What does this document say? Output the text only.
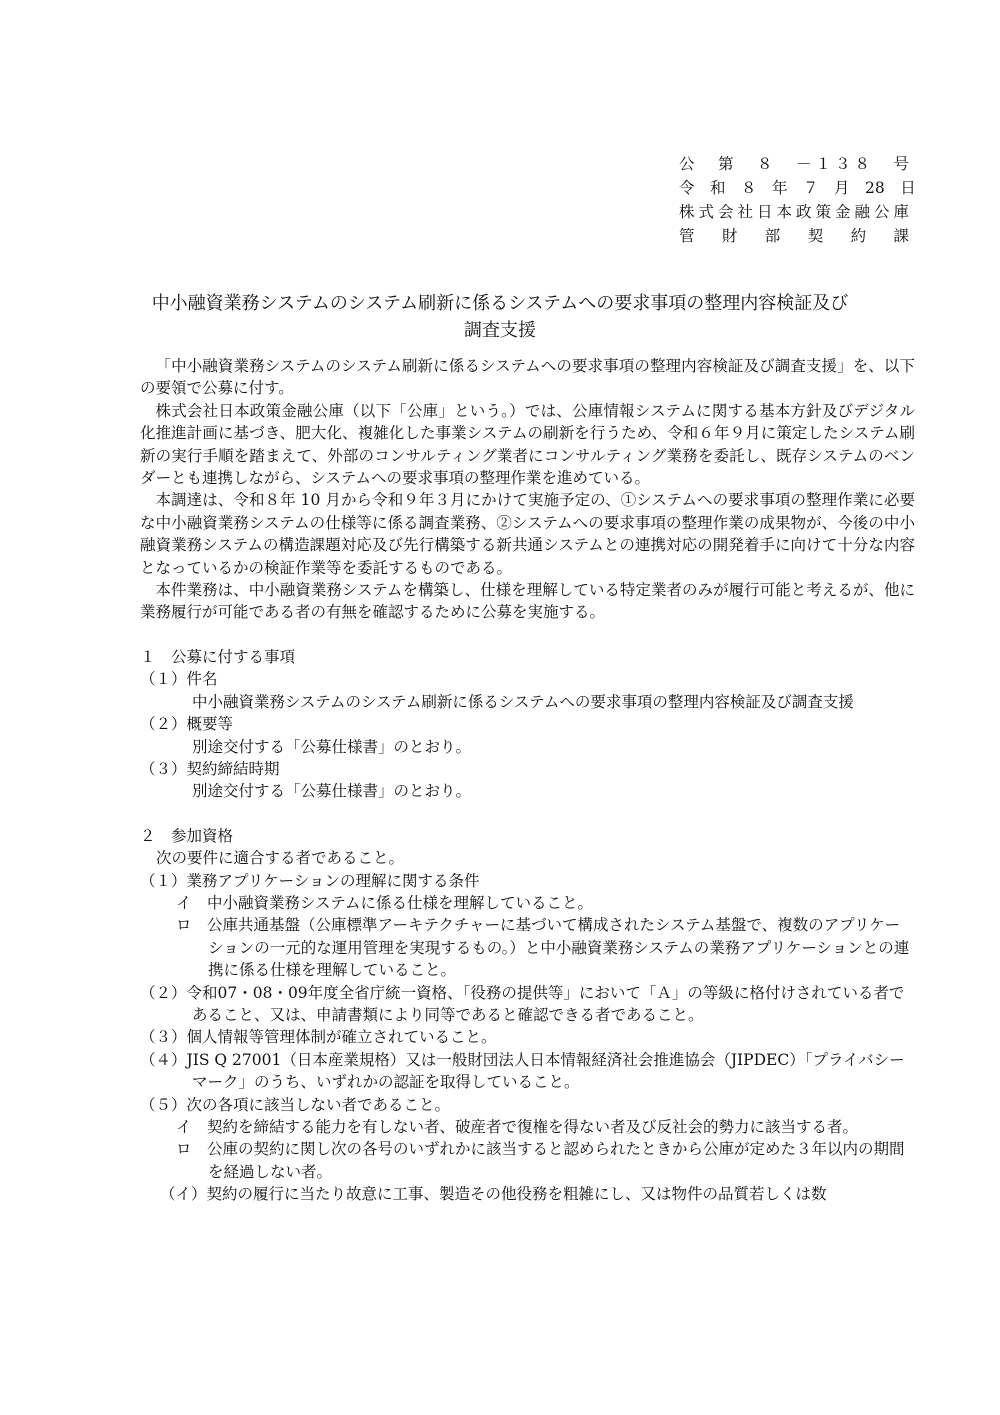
公　第　８　－１３８　号
令　和　８　年　７　月　28　日
株式会社日本政策金融公庫
管　財　部　契　約　課
中小融資業務システムのシステム刷新に係るシステムへの要求事項の整理内容検証及び
調査支援

「中小融資業務システムのシステム刷新に係るシステムへの要求事項の整理内容検証及び調査支援」を、以下の要領で公募に付す。

株式会社日本政策金融公庫（以下「公庫」という。）では、公庫情報システムに関する基本方針及びデジタル化推進計画に基づき、肥大化、複雑化した事業システムの刷新を行うため、令和６年９月に策定したシステム刷新の実行手順を踏まえて、外部のコンサルティング業者にコンサルティング業務を委託し、既存システムのベンダーとも連携しながら、システムへの要求事項の整理作業を進めている。

本調達は、令和８年 10 月から令和９年３月にかけて実施予定の、①システムへの要求事項の整理作業に必要な中小融資業務システムの仕様等に係る調査業務、②システムへの要求事項の整理作業の成果物が、今後の中小融資業務システムの構造課題対応及び先行構築する新共通システムとの連携対応の開発着手に向けて十分な内容となっているかの検証作業等を委託するものである。

本件業務は、中小融資業務システムを構築し、仕様を理解している特定業者のみが履行可能と考えるが、他に業務履行が可能である者の有無を確認するために公募を実施する。

１　公募に付する事項

（１）件名

中小融資業務システムのシステム刷新に係るシステムへの要求事項の整理内容検証及び調査支援

（２）概要等

別途交付する「公募仕様書」のとおり。

（３）契約締結時期

別途交付する「公募仕様書」のとおり。

２　参加資格

次の要件に適合する者であること。

（１）業務アプリケーションの理解に関する条件

イ　中小融資業務システムに係る仕様を理解していること。

ロ　公庫共通基盤（公庫標準アーキテクチャーに基づいて構成されたシステム基盤で、複数のアプリケーションの一元的な運用管理を実現するもの。）と中小融資業務システムの業務アプリケーションとの連携に係る仕様を理解していること。

（２）令和07・08・09年度全省庁統一資格、「役務の提供等」において「Ａ」の等級に格付けされている者であること、又は、申請書類により同等であると確認できる者であること。

（３）個人情報等管理体制が確立されていること。

（４）JIS Q 27001（日本産業規格）又は一般財団法人日本情報経済社会推進協会（JIPDEC）「プライバシーマーク」のうち、いずれかの認証を取得していること。

（５）次の各項に該当しない者であること。

イ　契約を締結する能力を有しない者、破産者で復権を得ない者及び反社会的勢力に該当する者。

ロ　公庫の契約に関し次の各号のいずれかに該当すると認められたときから公庫が定めた３年以内の期間を経過しない者。

（イ）契約の履行に当たり故意に工事、製造その他役務を粗雑にし、又は物件の品質若しくは数
